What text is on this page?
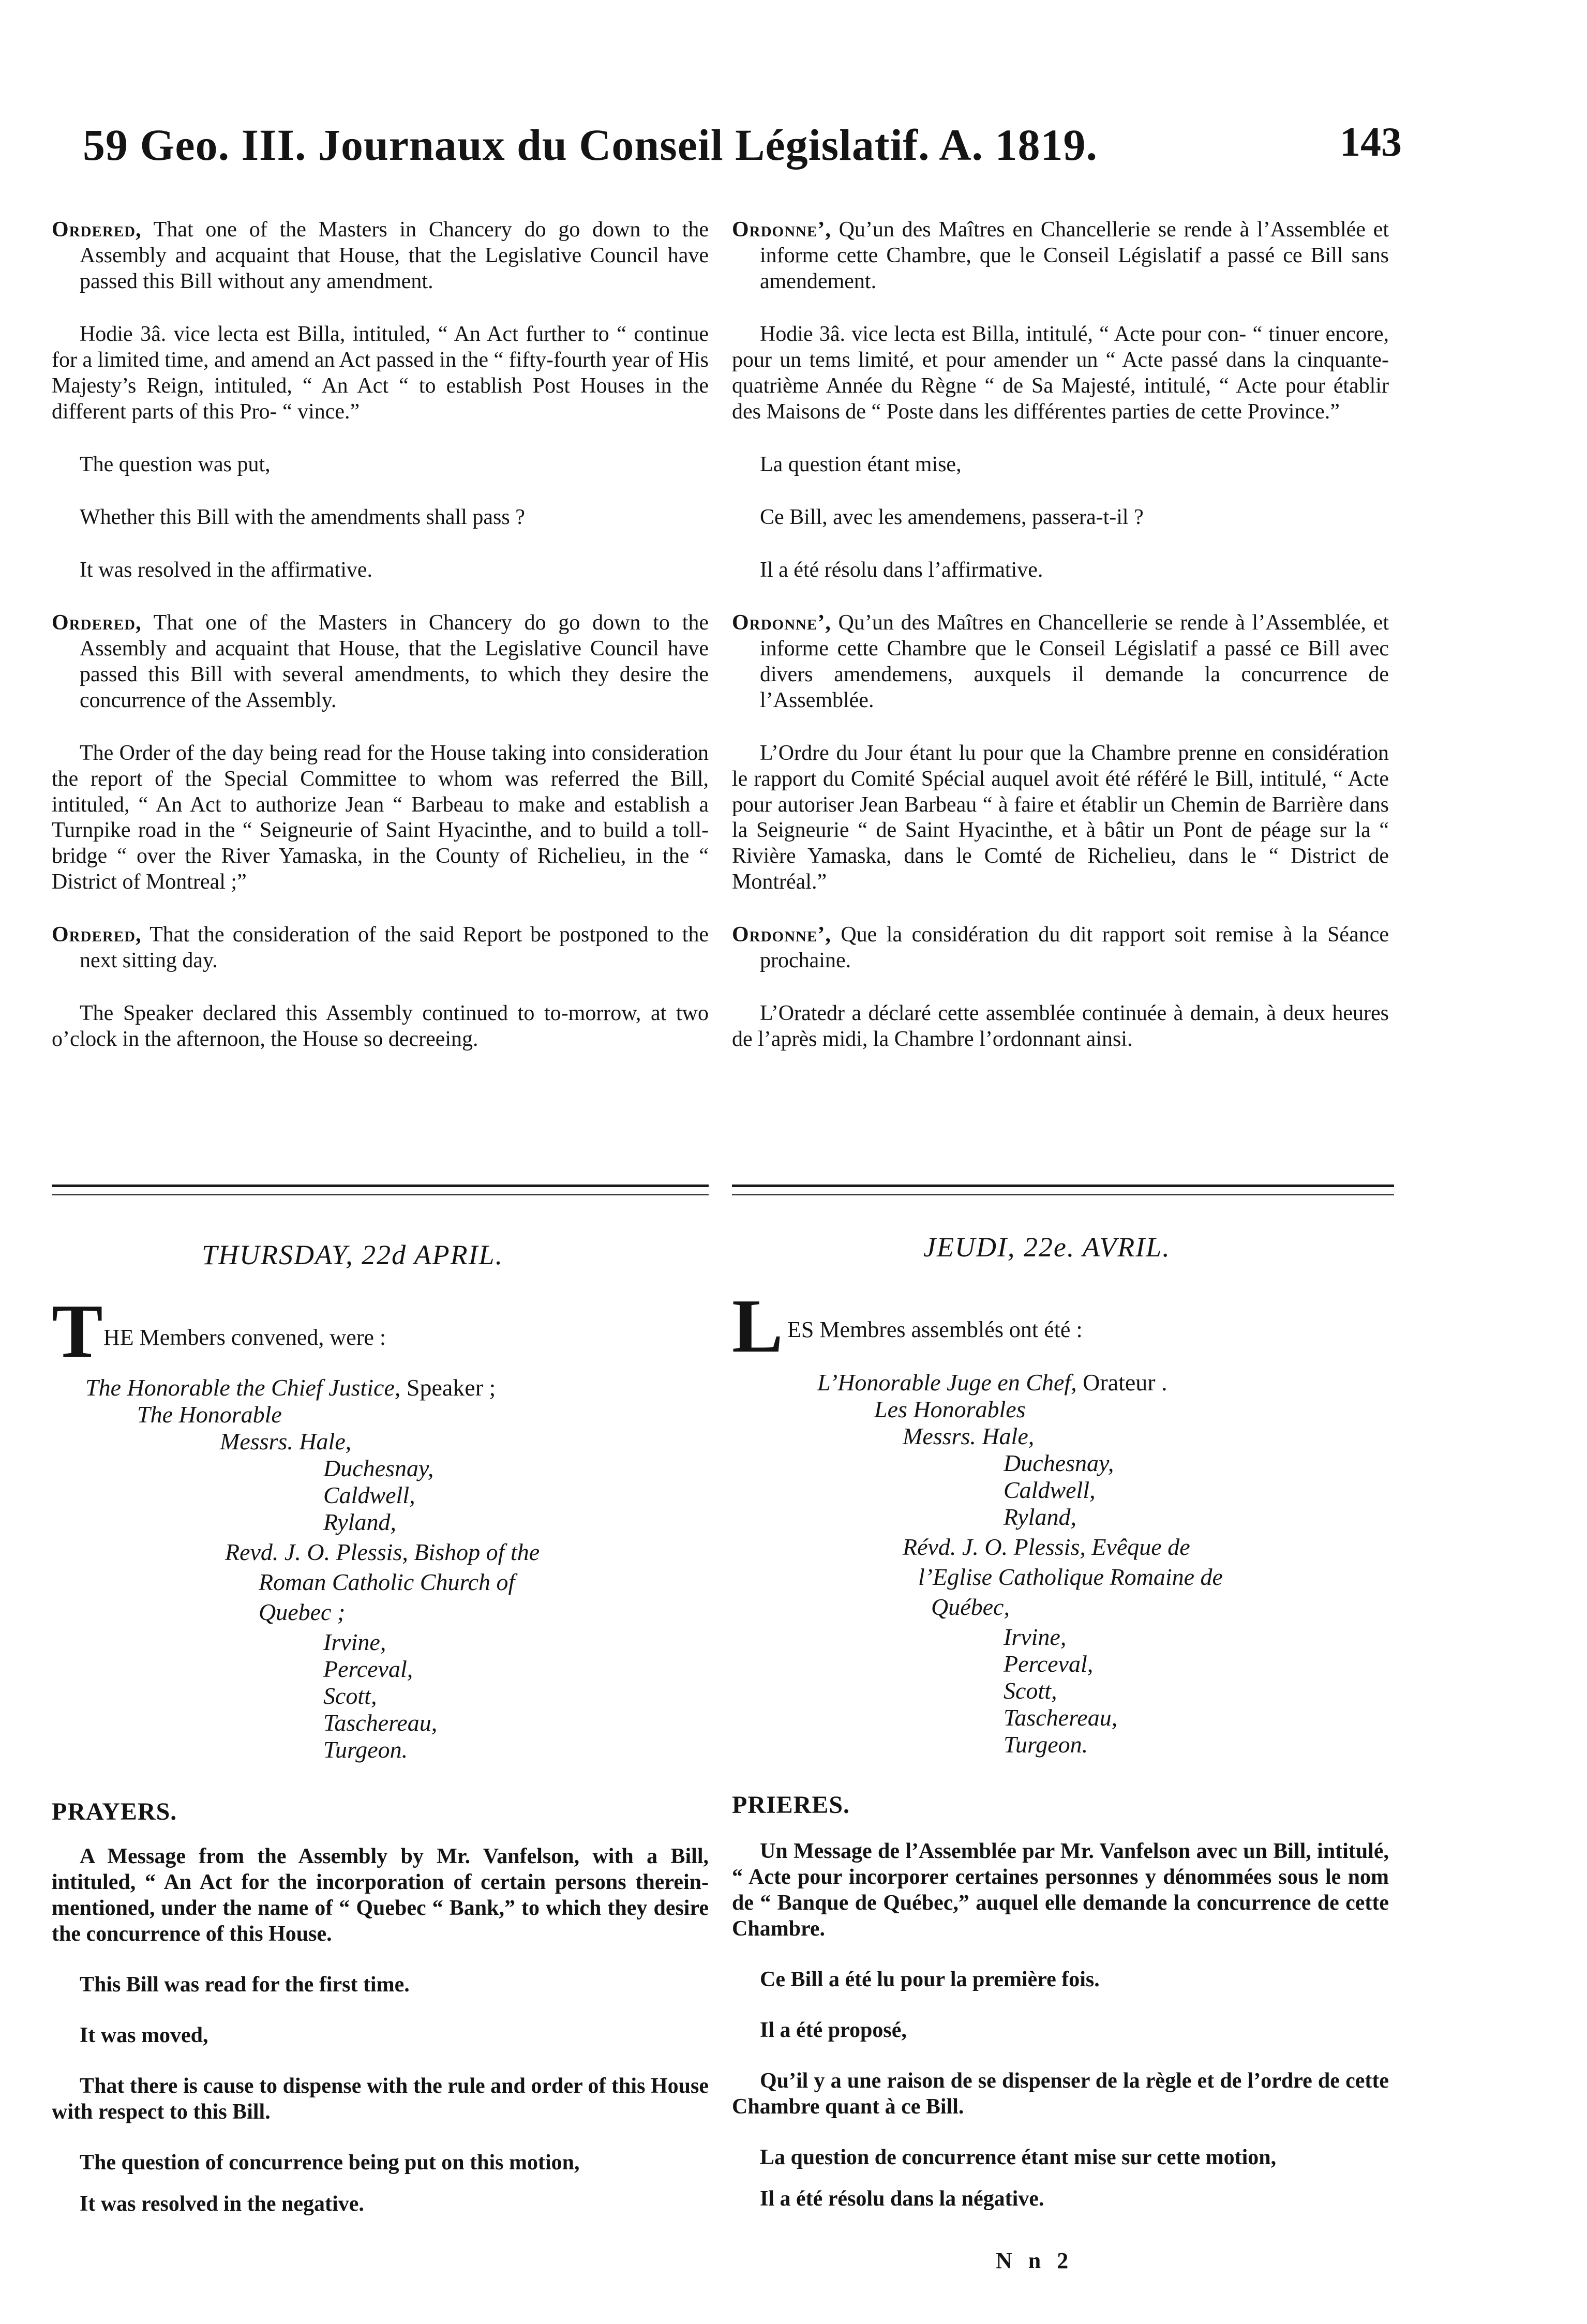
59 Geo. III. Journaux du Conseil Législatif. A. 1819.	143

Ordered, That one of the Masters in Chancery do go down to the Assembly and acquaint that House, that the Legislative Council have passed this Bill without any amendment.

Hodie 3â. vice lecta est Billa, intituled, “ An Act further to “ continue for a limited time, and amend an Act passed in the “ fifty-fourth year of His Majesty’s Reign, intituled, “ An Act “ to establish Post Houses in the different parts of this Pro- “ vince.”

The question was put,

Whether this Bill with the amendments shall pass ?

It was resolved in the affirmative.

Ordered, That one of the Masters in Chancery do go down to the Assembly and acquaint that House, that the Legislative Council have passed this Bill with several amendments, to which they desire the concurrence of the Assembly.

The Order of the day being read for the House taking into consideration the report of the Special Committee to whom was referred the Bill, intituled, “ An Act to authorize Jean “ Barbeau to make and establish a Turnpike road in the “ Seigneurie of Saint Hyacinthe, and to build a toll-bridge “ over the River Yamaska, in the County of Richelieu, in the “ District of Montreal ;”

Ordered, That the consideration of the said Report be postponed to the next sitting day.

The Speaker declared this Assembly continued to to-morrow, at two o’clock in the afternoon, the House so decreeing.

Ordonne’, Qu’un des Maîtres en Chancellerie se rende à l’Assemblée et informe cette Chambre, que le Conseil Législatif a passé ce Bill sans amendement.

Hodie 3â. vice lecta est Billa, intitulé, “ Acte pour con- “ tinuer encore, pour un tems limité, et pour amender un “ Acte passé dans la cinquante-quatrième Année du Règne “ de Sa Majesté, intitulé, “ Acte pour établir des Maisons de “ Poste dans les différentes parties de cette Province.”

La question étant mise,

Ce Bill, avec les amendemens, passera-t-il ?

Il a été résolu dans l’affirmative.

Ordonne’, Qu’un des Maîtres en Chancellerie se rende à l’Assemblée, et informe cette Chambre que le Conseil Législatif a passé ce Bill avec divers amendemens, auxquels il demande la concurrence de l’Assemblée.

L’Ordre du Jour étant lu pour que la Chambre prenne en considération le rapport du Comité Spécial auquel avoit été référé le Bill, intitulé, “ Acte pour autoriser Jean Barbeau “ à faire et établir un Chemin de Barrière dans la Seigneurie “ de Saint Hyacinthe, et à bâtir un Pont de péage sur la “ Rivière Yamaska, dans le Comté de Richelieu, dans le “ District de Montréal.”

Ordonne’, Que la considération du dit rapport soit remise à la Séance prochaine.

L’Oratedr a déclaré cette assemblée continuée à demain, à deux heures de l’après midi, la Chambre l’ordonnant ainsi.

THURSDAY, 22d APRIL.	JEUDI, 22e. AVRIL.
T HE Members convened, were :	L ES Membres assemblés ont été :
The Honorable the Chief Justice, Speaker ;
The Honorable
Messrs. Hale,
Duchesnay,
Caldwell,
Ryland,
Revd. J. O. Plessis, Bishop of the
Roman Catholic Church of
Quebec ;
Irvine,
Perceval,
Scott,
Taschereau,
Turgeon.
L’Honorable Juge en Chef, Orateur .
Les Honorables
Messrs. Hale,
Duchesnay,
Caldwell,
Ryland,
Révd. J. O. Plessis, Evêque de
l’Eglise Catholique Romaine de
Québec,
Irvine,
Perceval,
Scott,
Taschereau,
Turgeon.
PRAYERS.	PRIERES.

A Message from the Assembly by Mr. Vanfelson, with a Bill, intituled, “ An Act for the incorporation of certain persons therein-mentioned, under the name of “ Quebec “ Bank,” to which they desire the concurrence of this House.

This Bill was read for the first time.

It was moved,

That there is cause to dispense with the rule and order of this House with respect to this Bill.

The question of concurrence being put on this motion,

It was resolved in the negative.

Un Message de l’Assemblée par Mr. Vanfelson avec un Bill, intitulé, “ Acte pour incorporer certaines personnes y dénommées sous le nom de “ Banque de Québec,” auquel elle demande la concurrence de cette Chambre.

Ce Bill a été lu pour la première fois.

Il a été proposé,

Qu’il y a une raison de se dispenser de la règle et de l’ordre de cette Chambre quant à ce Bill.

La question de concurrence étant mise sur cette motion,

Il a été résolu dans la négative.

N n 2
